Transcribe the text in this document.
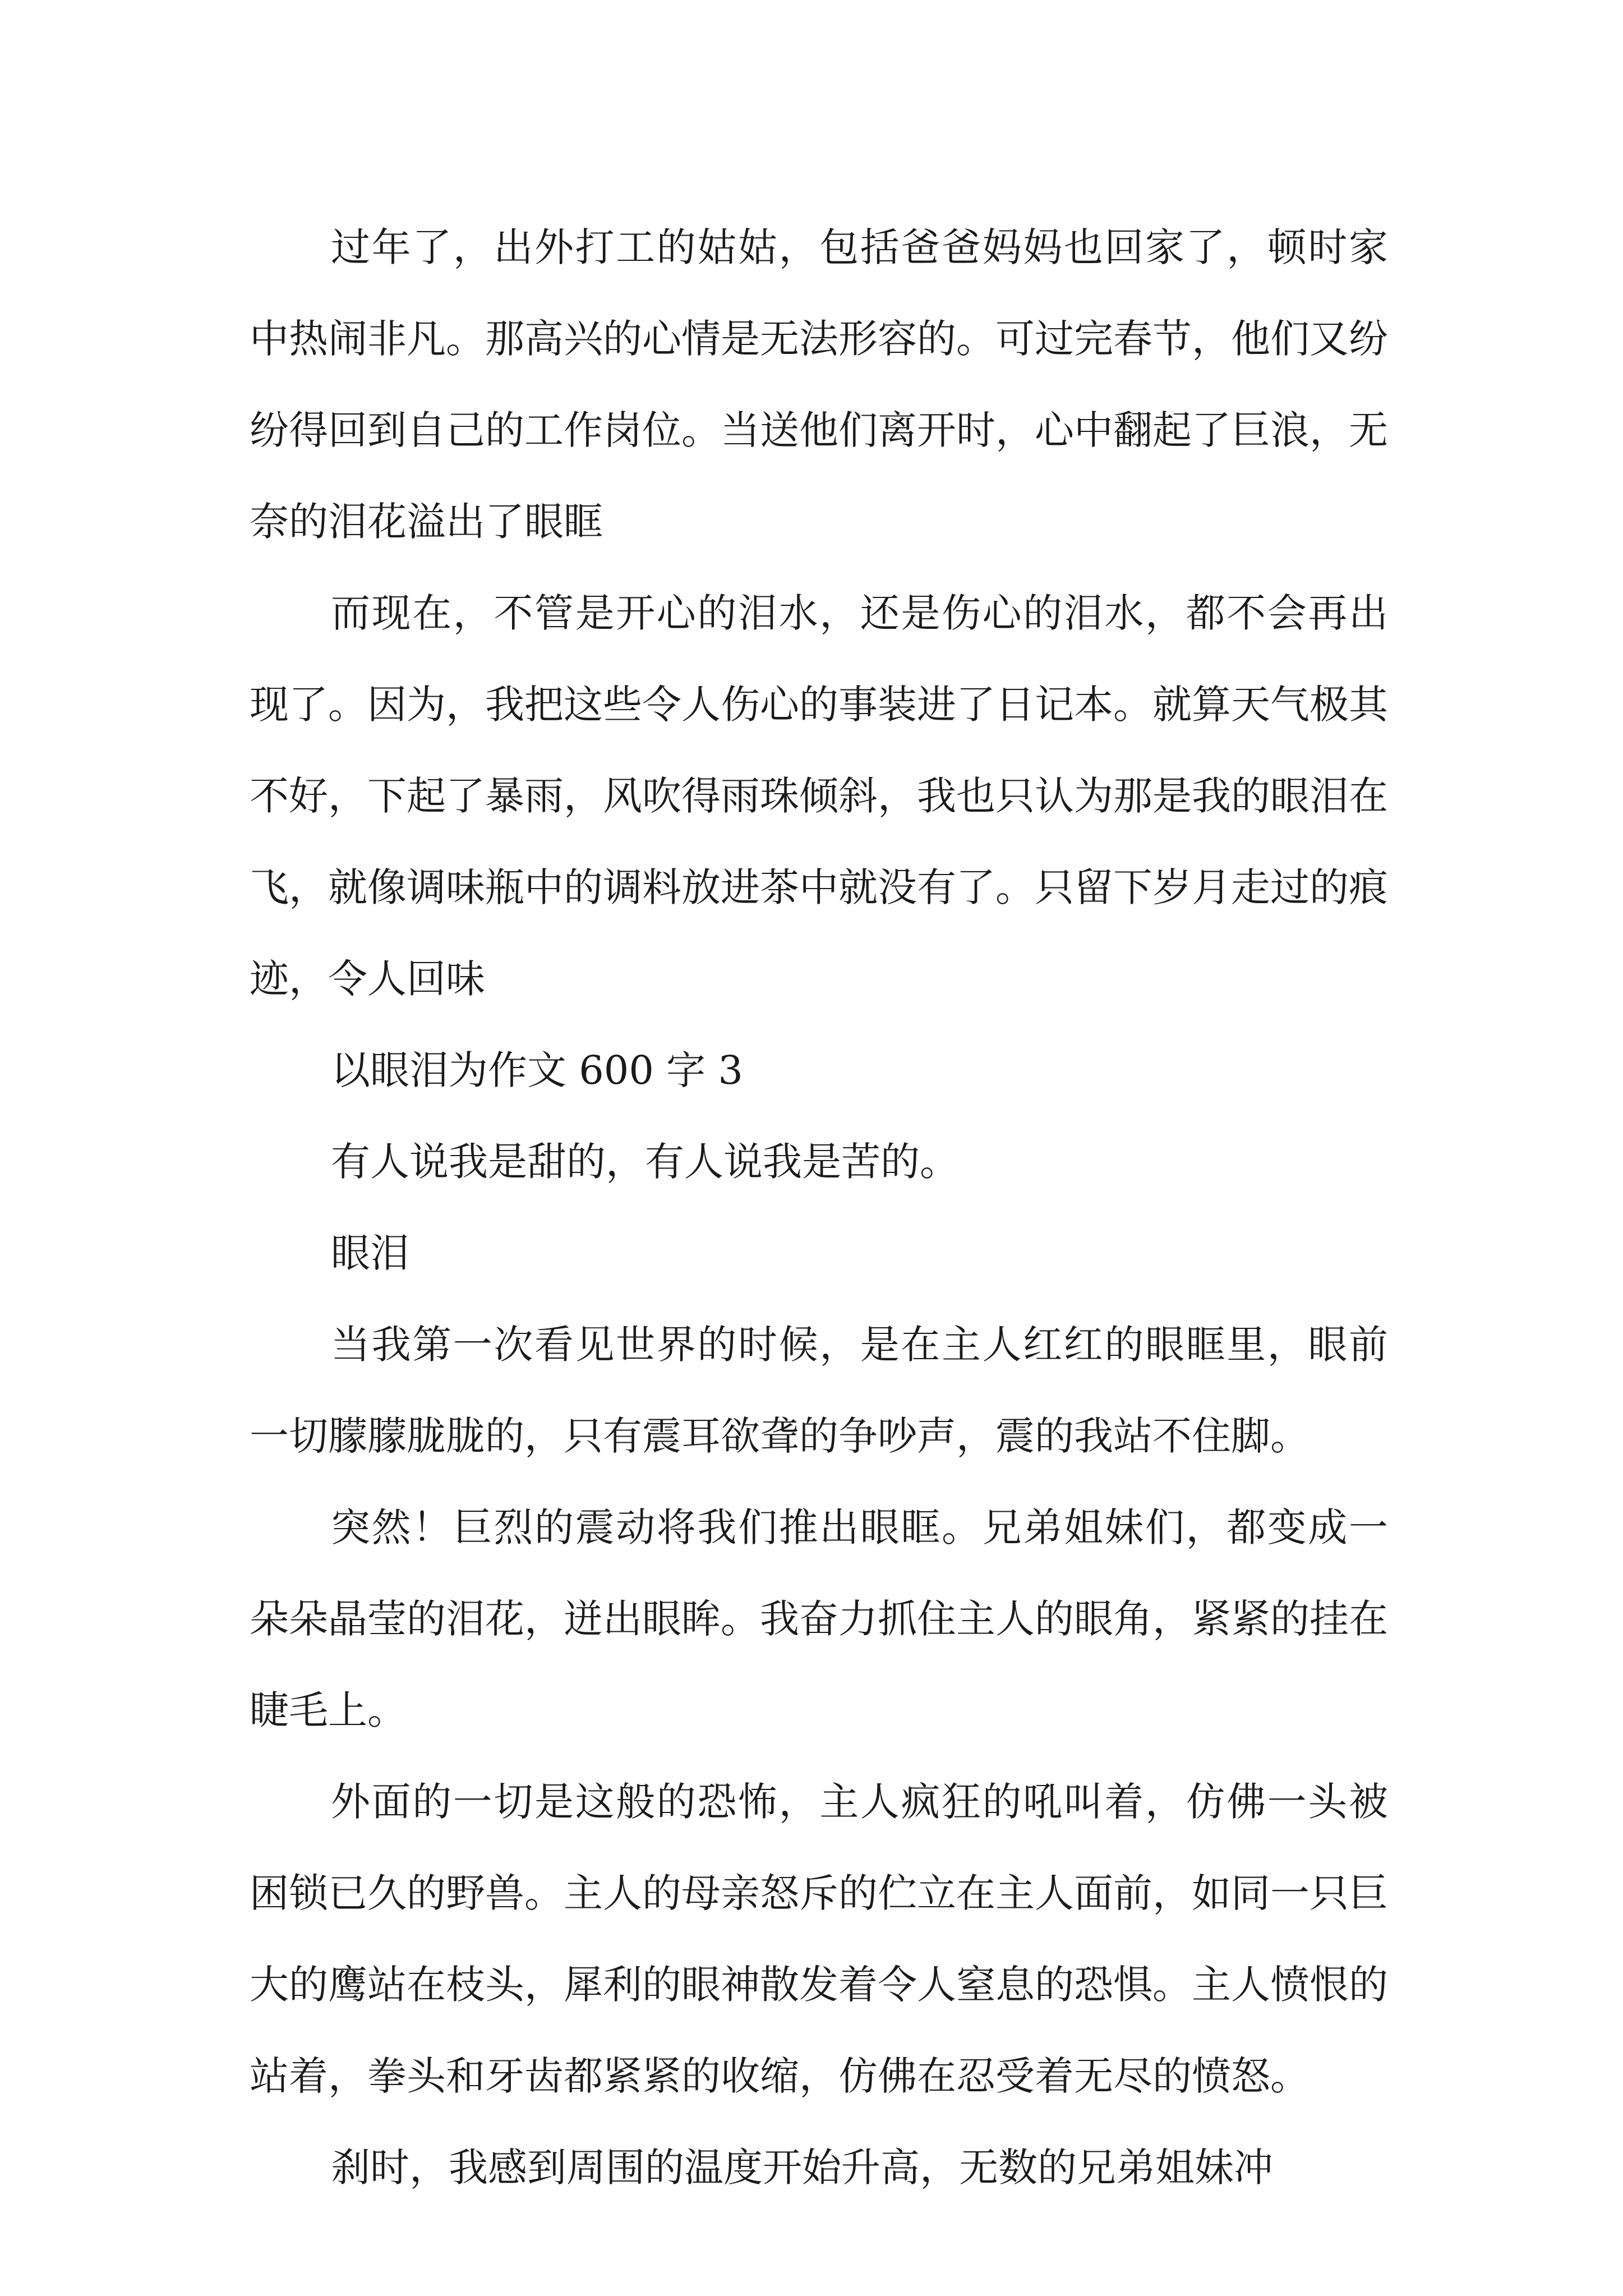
过年了，出外打工的姑姑，包括爸爸妈妈也回家了，顿时家中热闹非凡。那高兴的心情是无法形容的。可过完春节，他们又纷纷得回到自己的工作岗位。当送他们离开时，心中翻起了巨浪，无奈的泪花溢出了眼眶

而现在，不管是开心的泪水，还是伤心的泪水，都不会再出现了。因为，我把这些令人伤心的事装进了日记本。就算天气极其不好，下起了暴雨，风吹得雨珠倾斜，我也只认为那是我的眼泪在飞，就像调味瓶中的调料放进茶中就没有了。只留下岁月走过的痕迹，令人回味

以眼泪为作文 600 字 3

有人说我是甜的，有人说我是苦的。

眼泪

当我第一次看见世界的时候，是在主人红红的眼眶里，眼前一切朦朦胧胧的，只有震耳欲聋的争吵声，震的我站不住脚。

突然！巨烈的震动将我们推出眼眶。兄弟姐妹们，都变成一朵朵晶莹的泪花，迸出眼眸。我奋力抓住主人的眼角，紧紧的挂在睫毛上。

外面的一切是这般的恐怖，主人疯狂的吼叫着，仿佛一头被困锁已久的野兽。主人的母亲怒斥的伫立在主人面前，如同一只巨大的鹰站在枝头，犀利的眼神散发着令人窒息的恐惧。主人愤恨的站着，拳头和牙齿都紧紧的收缩，仿佛在忍受着无尽的愤怒。

刹时，我感到周围的温度开始升高，无数的兄弟姐妹冲
